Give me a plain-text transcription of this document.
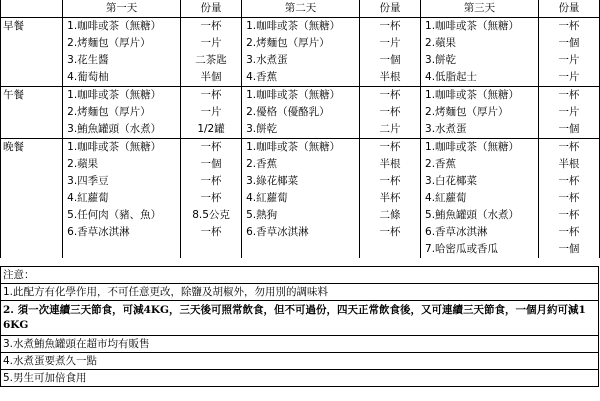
	第一天	份量	第二天	份量	第三天	份量
早餐	1.咖啡或茶（無糖）	一杯	1.咖啡或茶（無糖）	一杯	1.咖啡或茶（無糖）	一杯
	2.烤麵包（厚片）	一片	2.烤麵包（厚片）	一片	2.蘋果	一個
	3.花生醬	二茶匙	3.水煮蛋	一個	3.餅乾	一片
	4.葡萄柚	半個	4.香蕉	半根	4.低脂起士	一片
午餐	1.咖啡或茶（無糖）	一杯	1.咖啡或茶（無糖）	一杯	1.咖啡或茶（無糖）	一杯
	2.烤麵包（厚片）	一片	2.優格（優酪乳）	一杯	2.烤麵包（厚片）	一片
	3.鮪魚罐頭（水煮）	1/2罐	3.餅乾	二片	3.水煮蛋	一個
晚餐	1.咖啡或茶（無糖）	一杯	1.咖啡或茶（無糖）	一杯	1.咖啡或茶（無糖）	一杯
	2.蘋果	一個	2.香蕉	半根	2.香蕉	半根
	3.四季豆	一杯	3.綠花椰菜	一杯	3.白花椰菜	一杯
	4.紅蘿蔔	一杯	4.紅蘿蔔	半杯	4.紅蘿蔔	一杯
	5.任何肉（豬、魚）	8.5公克	5.熱狗	二條	5.鮪魚罐頭（水煮）	一杯
	6.香草冰淇淋	一杯	6.香草冰淇淋	一杯	6.香草冰淇淋	一杯
					7.哈密瓜或香瓜	一個
注意：
1.此配方有化學作用，不可任意更改，除鹽及胡椒外，勿用別的調味料
2. 須一次連續三天節食，可減4KG，三天後可照常飲食，但不可過份，四天正常飲食後，又可連續三天節食，一個月約可減1 6KG
3.水煮鮪魚罐頭在超市均有販售
4.水煮蛋要煮久一點
5.男生可加倍食用
